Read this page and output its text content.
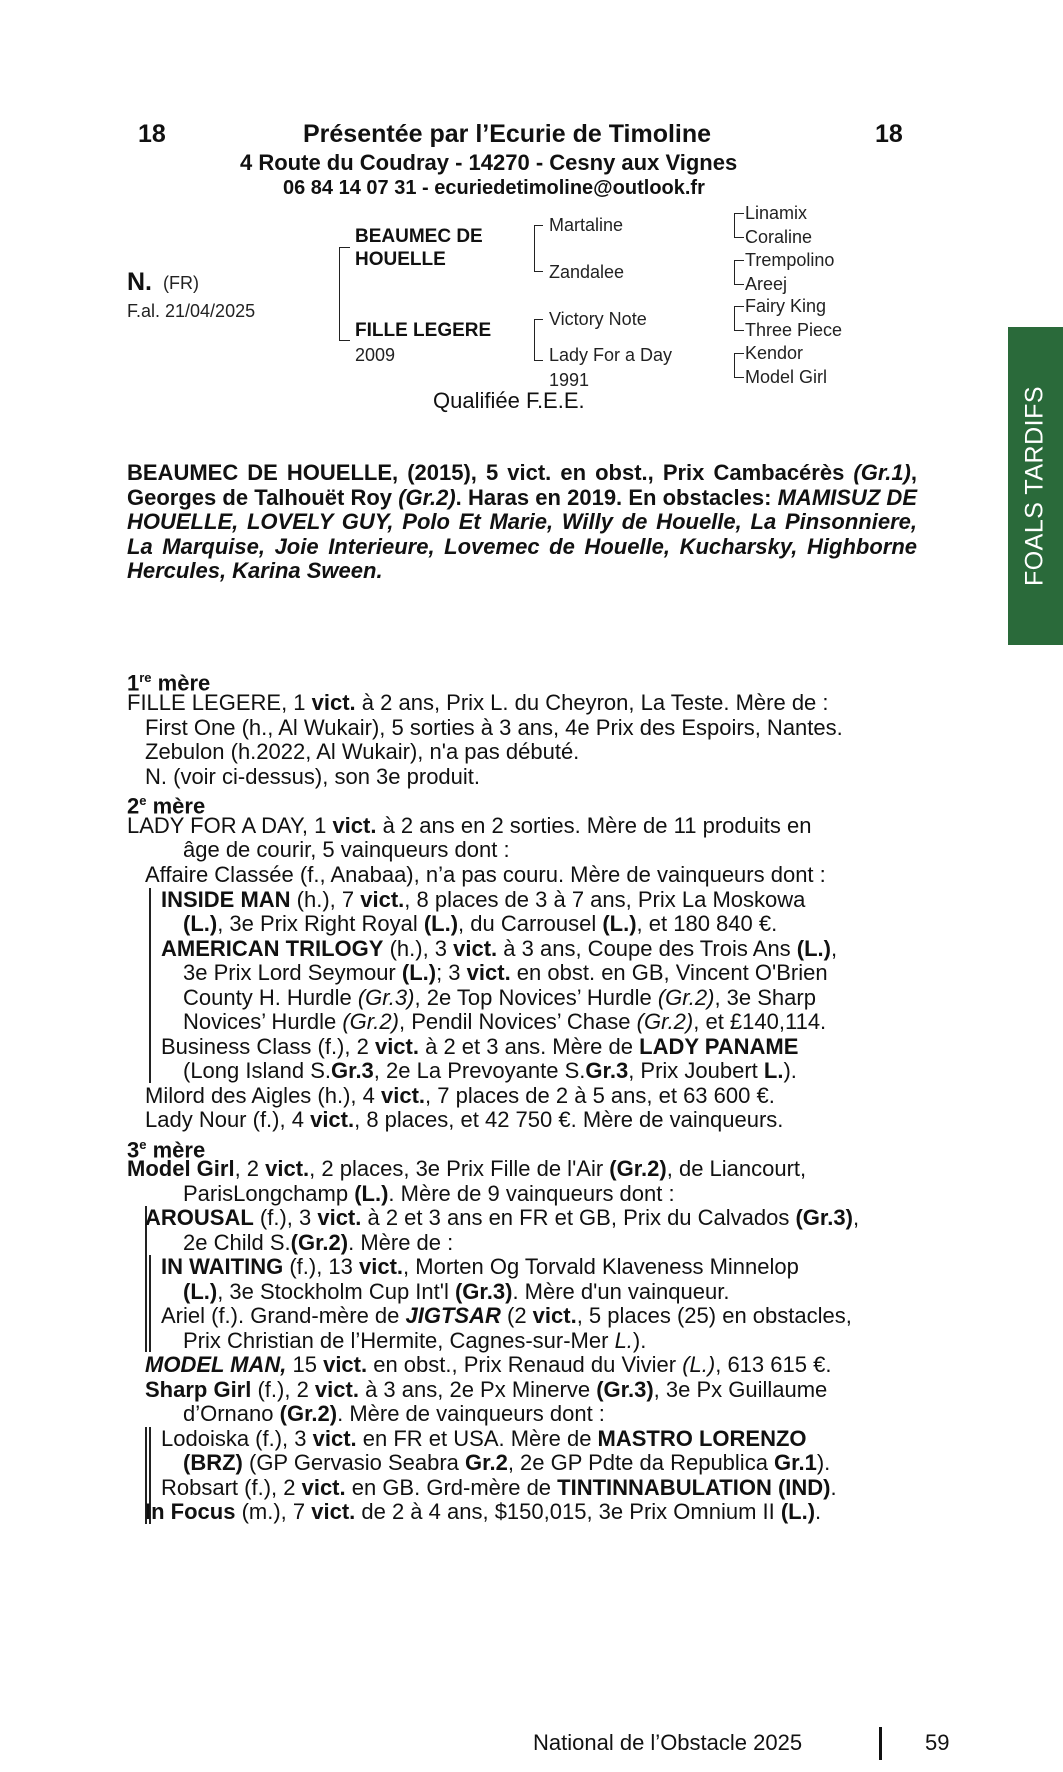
18	18
Présentée par l’Ecurie de Timoline
4 Route du Coudray - 14270 - Cesny aux Vignes
06 84 14 07 31 - ecuriedetimoline@outlook.fr
N. (FR)
F.al. 21/04/2025
BEAUMEC DE
HOUELLE
FILLE LEGERE
2009
Martaline
Zandalee
Victory Note
Lady For a Day
1991
Linamix
Coraline
Trempolino
Areej
Fairy King
Three Piece
Kendor
Model Girl
Qualifiée F.E.E.
BEAUMEC DE HOUELLE, (2015), 5 vict. en obst., Prix Cambacérès (Gr.1), Georges de Talhouët Roy (Gr.2). Haras en 2019. En obstacles: MAMISUZ DE HOUELLE, LOVELY GUY, Polo Et Marie, Willy de Houelle, La Pinsonniere, La Marquise, Joie Interieure, Lovemec de Houelle, Kucharsky, Highborne Hercules, Karina Sween.
1re mère
FILLE LEGERE, 1 vict. à 2 ans, Prix L. du Cheyron, La Teste. Mère de :
First One (h., Al Wukair), 5 sorties à 3 ans, 4e Prix des Espoirs, Nantes.
Zebulon (h.2022, Al Wukair), n'a pas débuté.
N. (voir ci-dessus), son 3e produit.
2e mère
LADY FOR A DAY, 1 vict. à 2 ans en 2 sorties. Mère de 11 produits en
âge de courir, 5 vainqueurs dont :
Affaire Classée (f., Anabaa), n’a pas couru. Mère de vainqueurs dont :
INSIDE MAN (h.), 7 vict., 8 places de 3 à 7 ans, Prix La Moskowa
(L.), 3e Prix Right Royal (L.), du Carrousel (L.), et 180 840 €.
AMERICAN TRILOGY (h.), 3 vict. à 3 ans, Coupe des Trois Ans (L.),
3e Prix Lord Seymour (L.); 3 vict. en obst. en GB, Vincent O'Brien
County H. Hurdle (Gr.3), 2e Top Novices’ Hurdle (Gr.2), 3e Sharp
Novices’ Hurdle (Gr.2), Pendil Novices’ Chase (Gr.2), et £140,114.
Business Class (f.), 2 vict. à 2 et 3 ans. Mère de LADY PANAME
(Long Island S.Gr.3, 2e La Prevoyante S.Gr.3, Prix Joubert L.).
Milord des Aigles (h.), 4 vict., 7 places de 2 à 5 ans, et 63 600 €.
Lady Nour (f.), 4 vict., 8 places, et 42 750 €. Mère de vainqueurs.
3e mère
Model Girl, 2 vict., 2 places, 3e Prix Fille de l'Air (Gr.2), de Liancourt,
ParisLongchamp (L.). Mère de 9 vainqueurs dont :
AROUSAL (f.), 3 vict. à 2 et 3 ans en FR et GB, Prix du Calvados (Gr.3),
2e Child S.(Gr.2). Mère de :
IN WAITING (f.), 13 vict., Morten Og Torvald Klaveness Minnelop
(L.), 3e Stockholm Cup Int'l (Gr.3). Mère d'un vainqueur.
Ariel (f.). Grand-mère de JIGTSAR (2 vict., 5 places (25) en obstacles,
Prix Christian de l’Hermite, Cagnes-sur-Mer L.).
MODEL MAN, 15 vict. en obst., Prix Renaud du Vivier (L.), 613 615 €.
Sharp Girl (f.), 2 vict. à 3 ans, 2e Px Minerve (Gr.3), 3e Px Guillaume
d’Ornano (Gr.2). Mère de vainqueurs dont :
Lodoiska (f.), 3 vict. en FR et USA. Mère de MASTRO LORENZO
(BRZ) (GP Gervasio Seabra Gr.2, 2e GP Pdte da Republica Gr.1).
Robsart (f.), 2 vict. en GB. Grd-mère de TINTINNABULATION (IND).
In Focus (m.), 7 vict. de 2 à 4 ans, $150,015, 3e Prix Omnium II (L.).
FOALS TARDIFS
National de l’Obstacle 2025	59
